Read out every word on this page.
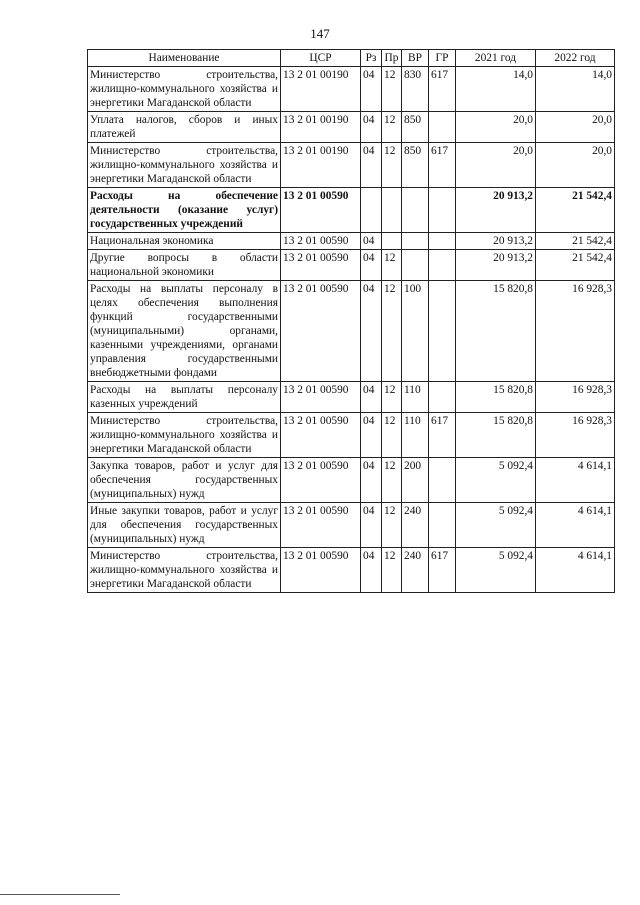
147
Наименование	ЦСР	Рз	Пр	ВР	ГР	2021 год	2022 год
Министерство строительства, жилищно-коммунального хозяйства и энергетики Магаданской области	13 2 01 00190	04	12	830	617	14,0	14,0
Уплата налогов, сборов и иных платежей	13 2 01 00190	04	12	850		20,0	20,0
Министерство строительства, жилищно-коммунального хозяйства и энергетики Магаданской области	13 2 01 00190	04	12	850	617	20,0	20,0
Расходы на обеспечение деятельности (оказание услуг) государственных учреждений	13 2 01 00590					20 913,2	21 542,4
Национальная экономика	13 2 01 00590	04				20 913,2	21 542,4
Другие вопросы в области национальной экономики	13 2 01 00590	04	12			20 913,2	21 542,4
Расходы на выплаты персоналу в целях обеспечения выполнения функций государственными (муниципальными) органами, казенными учреждениями, органами управления государственными внебюджетными фондами	13 2 01 00590	04	12	100		15 820,8	16 928,3
Расходы на выплаты персоналу казенных учреждений	13 2 01 00590	04	12	110		15 820,8	16 928,3
Министерство строительства, жилищно-коммунального хозяйства и энергетики Магаданской области	13 2 01 00590	04	12	110	617	15 820,8	16 928,3
Закупка товаров, работ и услуг для обеспечения государственных (муниципальных) нужд	13 2 01 00590	04	12	200		5 092,4	4 614,1
Иные закупки товаров, работ и услуг для обеспечения государственных (муниципальных) нужд	13 2 01 00590	04	12	240		5 092,4	4 614,1
Министерство строительства, жилищно-коммунального хозяйства и энергетики Магаданской области	13 2 01 00590	04	12	240	617	5 092,4	4 614,1
